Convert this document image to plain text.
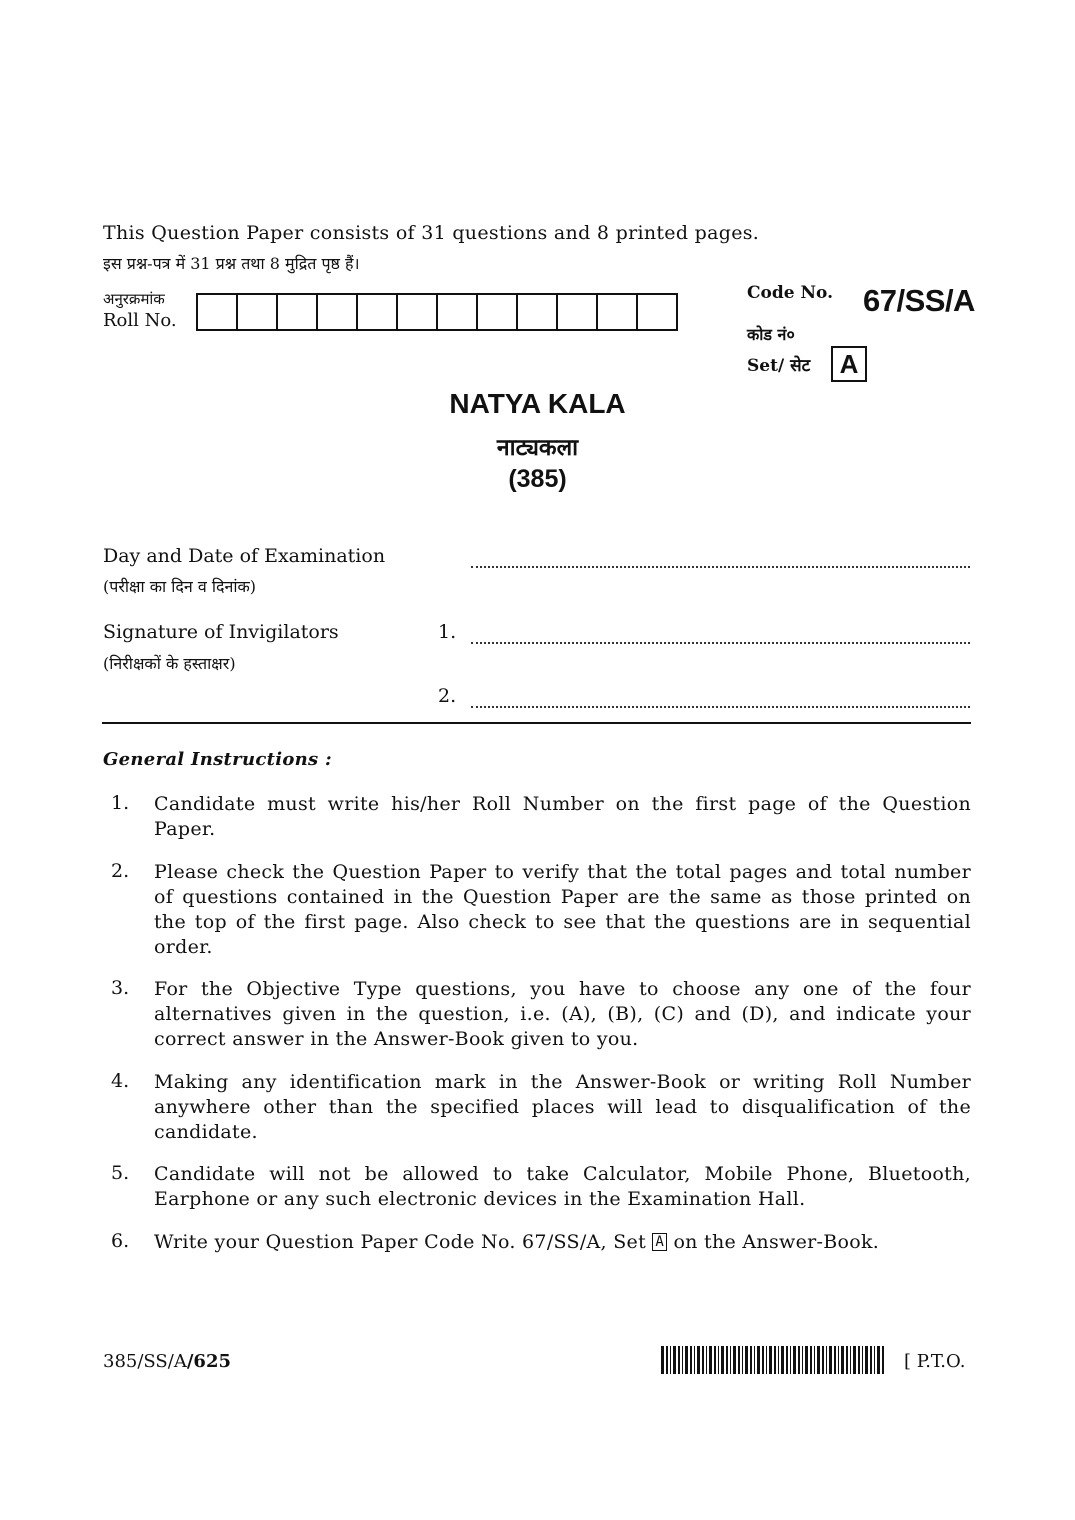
This Question Paper consists of 31 questions and 8 printed pages.
इस प्रश्न-पत्र में 31 प्रश्न तथा 8 मुद्रित पृष्ठ हैं।
अनुरक्रमांक
Roll No.
Code No. 67/SS/A
कोड नं०
Set/ सेट	A
NATYA KALA
नाट्यकला
(385)
Day and Date of Examination
(परीक्षा का दिन व दिनांक)
Signature of Invigilators
(निरीक्षकों के हस्ताक्षर)
1.
2.
General Instructions :
1.	Candidate must write his/her Roll Number on the first page of the Question Paper.
2.	Please check the Question Paper to verify that the total pages and total number of questions contained in the Question Paper are the same as those printed on the top of the first page. Also check to see that the questions are in sequential order.
3.	For the Objective Type questions, you have to choose any one of the four alternatives given in the question, i.e. (A), (B), (C) and (D), and indicate your correct answer in the Answer-Book given to you.
4.	Making any identification mark in the Answer-Book or writing Roll Number anywhere other than the specified places will lead to disqualification of the candidate.
5.	Candidate will not be allowed to take Calculator, Mobile Phone, Bluetooth, Earphone or any such electronic devices in the Examination Hall.
6.	Write your Question Paper Code No. 67/SS/A, Set A on the Answer-Book.
385/SS/A/625	[ P.T.O.
